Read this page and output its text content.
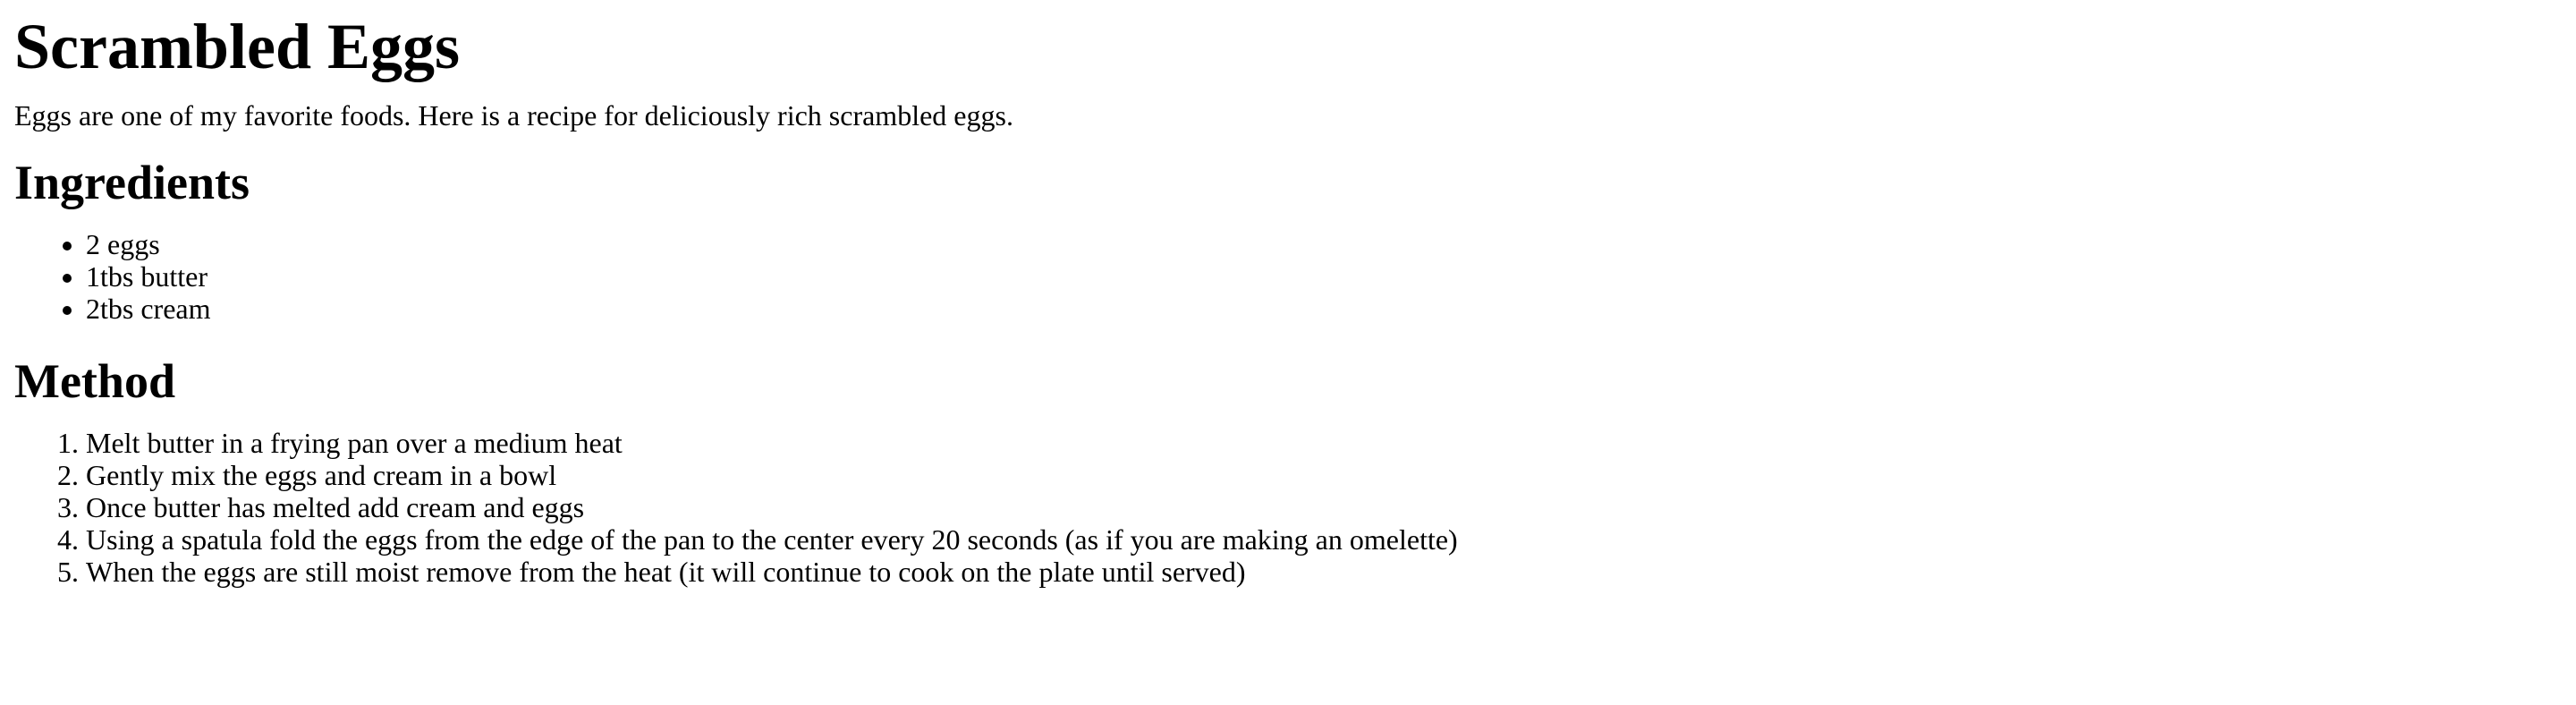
Scrambled Eggs

Eggs are one of my favorite foods. Here is a recipe for deliciously rich scrambled eggs.

Ingredients
• 2 eggs
• 1tbs butter
• 2tbs cream
Method
1. Melt butter in a frying pan over a medium heat
2. Gently mix the eggs and cream in a bowl
3. Once butter has melted add cream and eggs
4. Using a spatula fold the eggs from the edge of the pan to the center every 20 seconds (as if you are making an omelette)
5. When the eggs are still moist remove from the heat (it will continue to cook on the plate until served)
